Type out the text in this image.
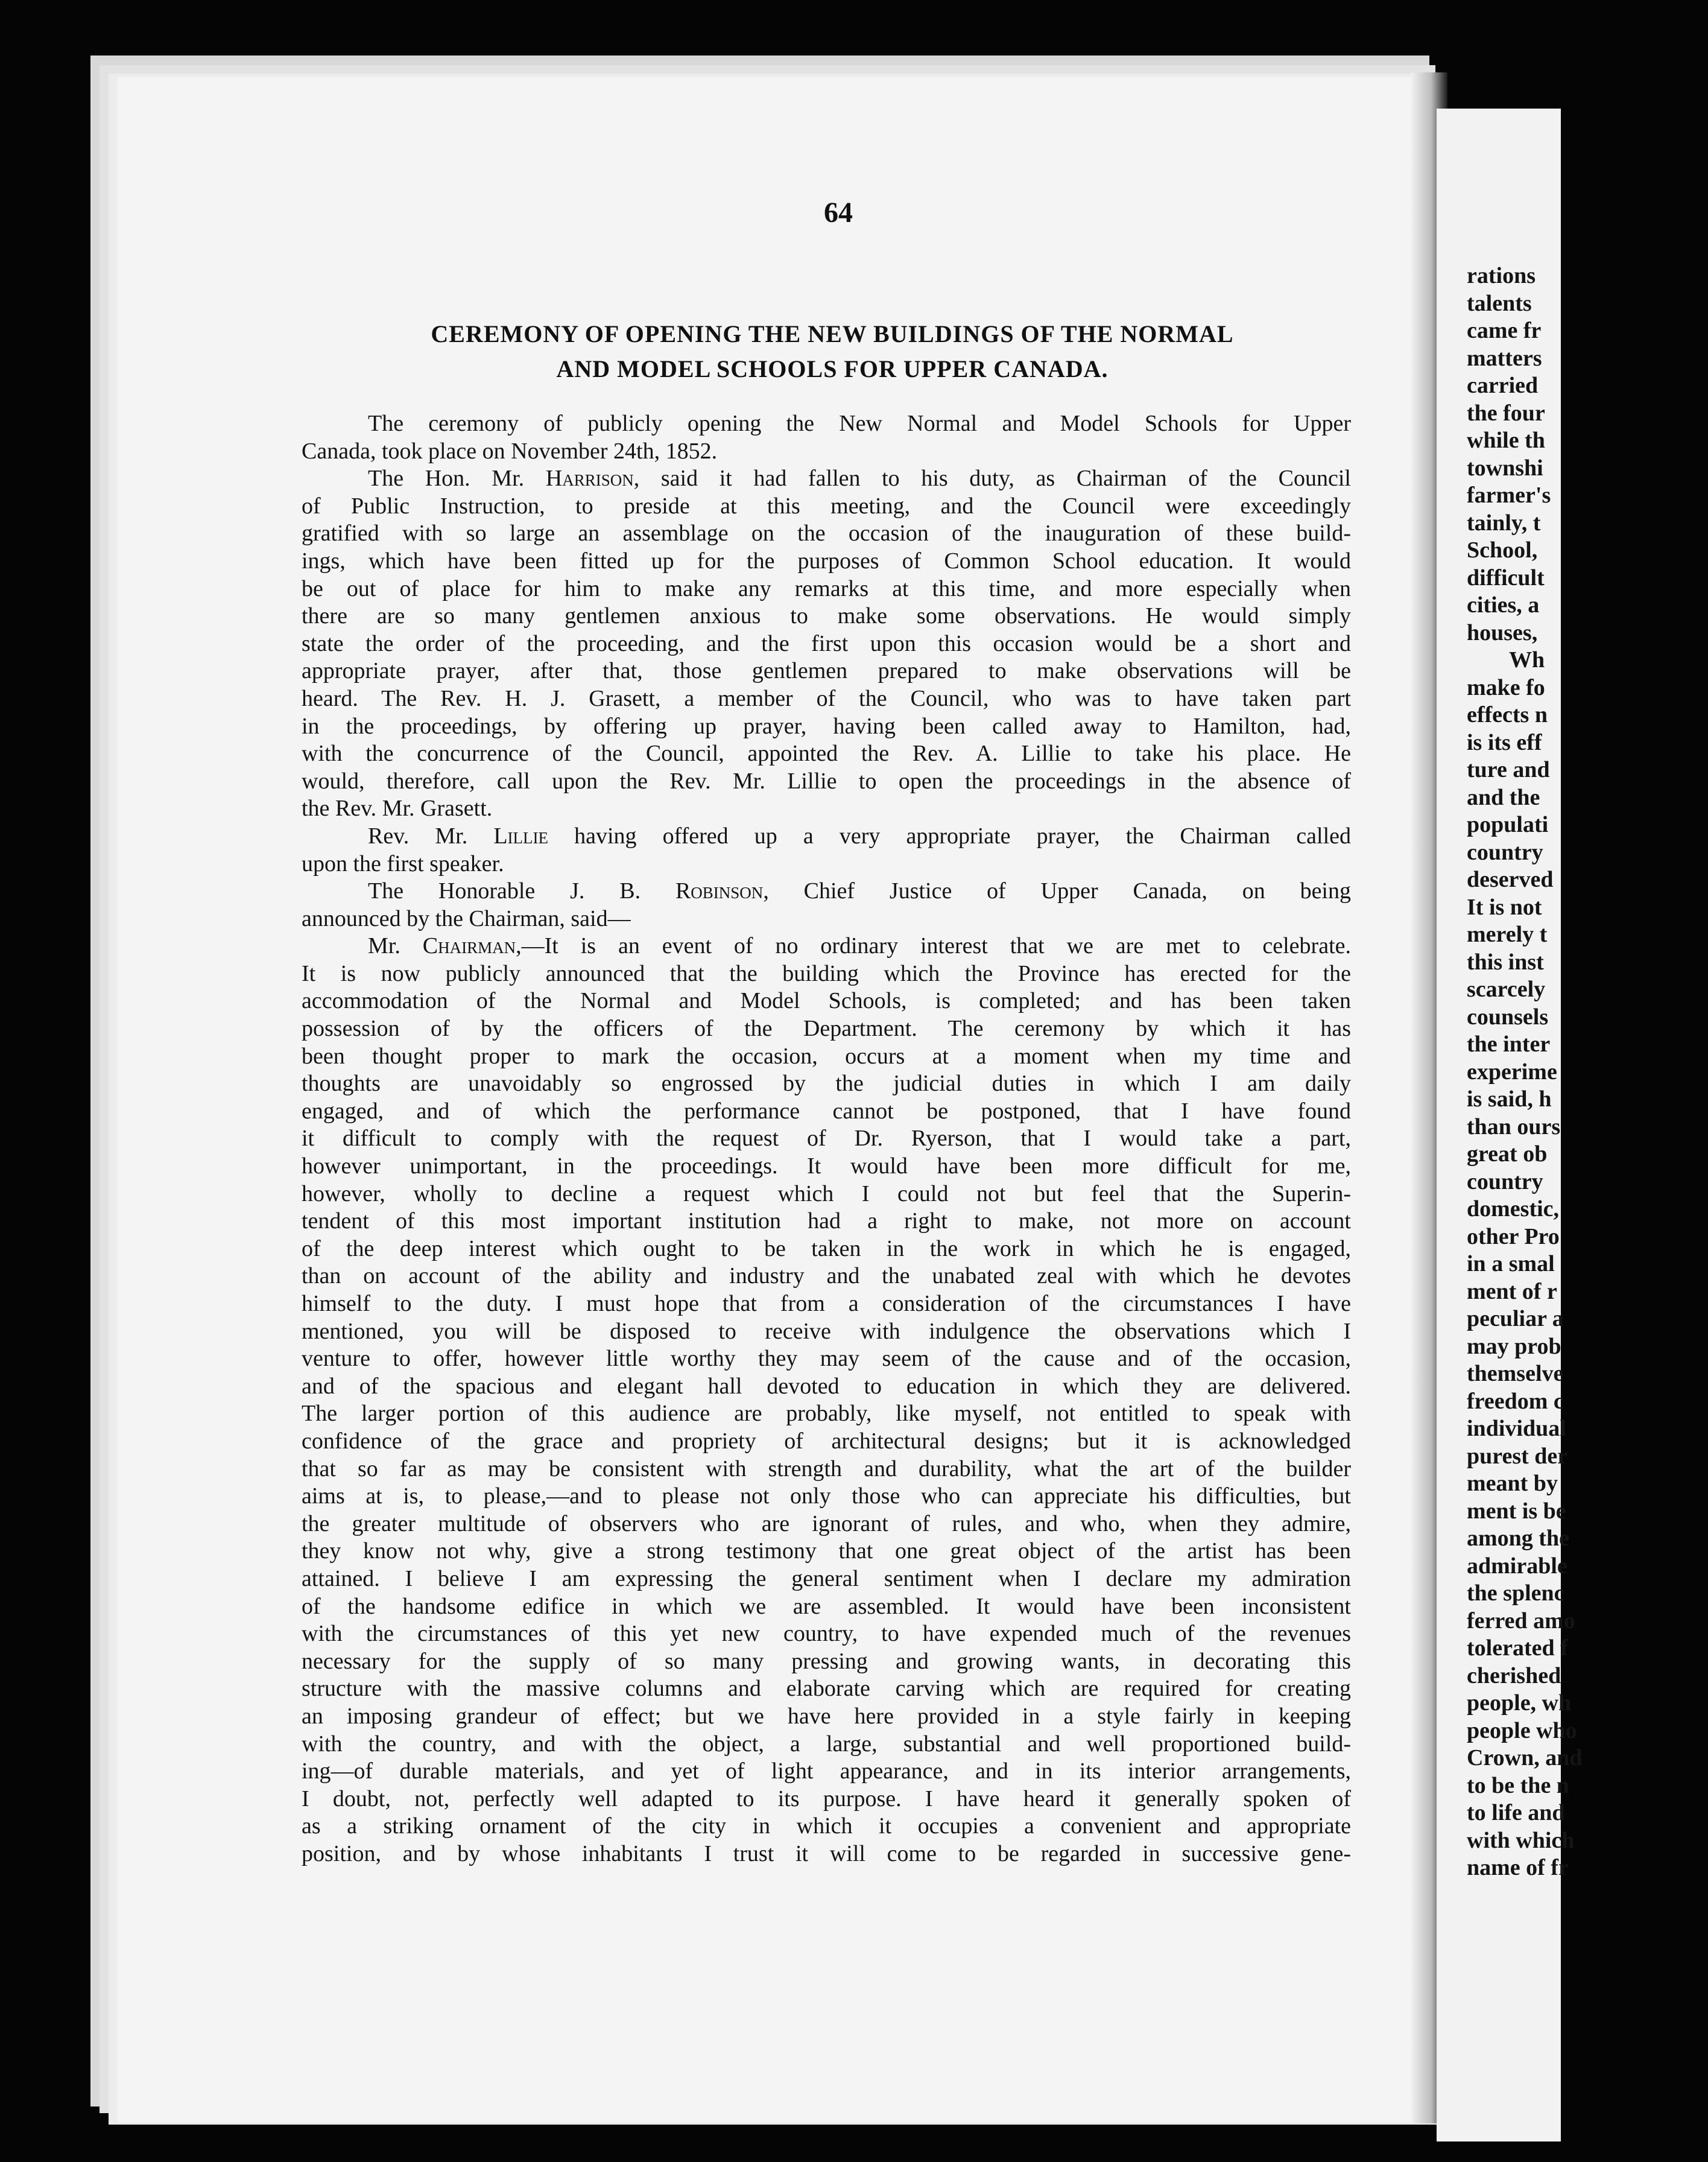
64
CEREMONY OF OPENING THE NEW BUILDINGS OF THE NORMAL
AND MODEL SCHOOLS FOR UPPER CANADA.
The ceremony of publicly opening the New Normal and Model Schools for Upper
Canada, took place on November 24th, 1852.
The Hon. Mr. Harrison, said it had fallen to his duty, as Chairman of the Council
of Public Instruction, to preside at this meeting, and the Council were exceedingly
gratified with so large an assemblage on the occasion of the inauguration of these build-
ings, which have been fitted up for the purposes of Common School education. It would
be out of place for him to make any remarks at this time, and more especially when
there are so many gentlemen anxious to make some observations. He would simply
state the order of the proceeding, and the first upon this occasion would be a short and
appropriate prayer, after that, those gentlemen prepared to make observations will be
heard. The Rev. H. J. Grasett, a member of the Council, who was to have taken part
in the proceedings, by offering up prayer, having been called away to Hamilton, had,
with the concurrence of the Council, appointed the Rev. A. Lillie to take his place. He
would, therefore, call upon the Rev. Mr. Lillie to open the proceedings in the absence of
the Rev. Mr. Grasett.
Rev. Mr. Lillie having offered up a very appropriate prayer, the Chairman called
upon the first speaker.
The Honorable J. B. Robinson, Chief Justice of Upper Canada, on being
announced by the Chairman, said—
Mr. Chairman,—It is an event of no ordinary interest that we are met to celebrate.
It is now publicly announced that the building which the Province has erected for the
accommodation of the Normal and Model Schools, is completed; and has been taken
possession of by the officers of the Department. The ceremony by which it has
been thought proper to mark the occasion, occurs at a moment when my time and
thoughts are unavoidably so engrossed by the judicial duties in which I am daily
engaged, and of which the performance cannot be postponed, that I have found
it difficult to comply with the request of Dr. Ryerson, that I would take a part,
however unimportant, in the proceedings. It would have been more difficult for me,
however, wholly to decline a request which I could not but feel that the Superin-
tendent of this most important institution had a right to make, not more on account
of the deep interest which ought to be taken in the work in which he is engaged,
than on account of the ability and industry and the unabated zeal with which he devotes
himself to the duty. I must hope that from a consideration of the circumstances I have
mentioned, you will be disposed to receive with indulgence the observations which I
venture to offer, however little worthy they may seem of the cause and of the occasion,
and of the spacious and elegant hall devoted to education in which they are delivered.
The larger portion of this audience are probably, like myself, not entitled to speak with
confidence of the grace and propriety of architectural designs; but it is acknowledged
that so far as may be consistent with strength and durability, what the art of the builder
aims at is, to please,—and to please not only those who can appreciate his difficulties, but
the greater multitude of observers who are ignorant of rules, and who, when they admire,
they know not why, give a strong testimony that one great object of the artist has been
attained. I believe I am expressing the general sentiment when I declare my admiration
of the handsome edifice in which we are assembled. It would have been inconsistent
with the circumstances of this yet new country, to have expended much of the revenues
necessary for the supply of so many pressing and growing wants, in decorating this
structure with the massive columns and elaborate carving which are required for creating
an imposing grandeur of effect; but we have here provided in a style fairly in keeping
with the country, and with the object, a large, substantial and well proportioned build-
ing—of durable materials, and yet of light appearance, and in its interior arrangements,
I doubt, not, perfectly well adapted to its purpose. I have heard it generally spoken of
as a striking ornament of the city in which it occupies a convenient and appropriate
position, and by whose inhabitants I trust it will come to be regarded in successive gene-
rations
talents
came fr
matters
carried
the four
while th
townshi
farmer's
tainly, t
School,
difficult
cities, a
houses,
Wh
make fo
effects n
is its eff
ture and
and the
populati
country
deserved
It is not
merely t
this inst
scarcely
counsels
the inter
experime
is said, h
than ours
great ob
country
domestic,
other Pro
in a smal
ment of r
peculiar a
may prob
themselve
freedom c
individual
purest der
meant by
ment is be
among the
admirable
the splenc
ferred amo
tolerated f
cherished
people, wh
people who
Crown, and
to be the n
to life and
with which
name of fr
